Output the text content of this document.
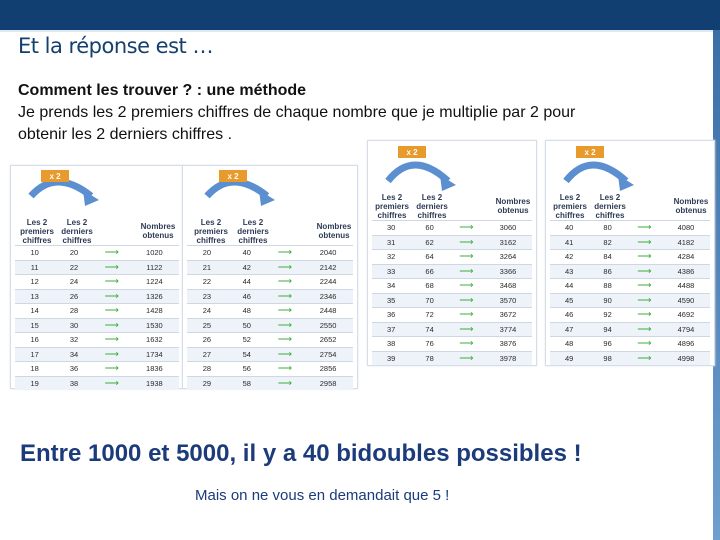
Et la réponse est …
Comment les trouver ? : une méthode
Je prends les 2 premiers chiffres de chaque nombre que je multiplie par 2 pour
obtenir les 2 derniers chiffres .
x 2
Les 2 premiers chiffres
Les 2 derniers chiffres
Nombres obtenus
10	20	⟶	1020
11	22	⟶	1122
12	24	⟶	1224
13	26	⟶	1326
14	28	⟶	1428
15	30	⟶	1530
16	32	⟶	1632
17	34	⟶	1734
18	36	⟶	1836
19	38	⟶	1938
x 2
Les 2 premiers chiffres
Les 2 derniers chiffres
Nombres obtenus
20	40	⟶	2040
21	42	⟶	2142
22	44	⟶	2244
23	46	⟶	2346
24	48	⟶	2448
25	50	⟶	2550
26	52	⟶	2652
27	54	⟶	2754
28	56	⟶	2856
29	58	⟶	2958
x 2
Les 2 premiers chiffres
Les 2 derniers chiffres
Nombres obtenus
30	60	⟶	3060
31	62	⟶	3162
32	64	⟶	3264
33	66	⟶	3366
34	68	⟶	3468
35	70	⟶	3570
36	72	⟶	3672
37	74	⟶	3774
38	76	⟶	3876
39	78	⟶	3978
x 2
Les 2 premiers chiffres
Les 2 derniers chiffres
Nombres obtenus
40	80	⟶	4080
41	82	⟶	4182
42	84	⟶	4284
43	86	⟶	4386
44	88	⟶	4488
45	90	⟶	4590
46	92	⟶	4692
47	94	⟶	4794
48	96	⟶	4896
49	98	⟶	4998
Entre 1000 et 5000, il y a 40 bidoubles possibles !
Mais on ne vous en demandait que 5 !
